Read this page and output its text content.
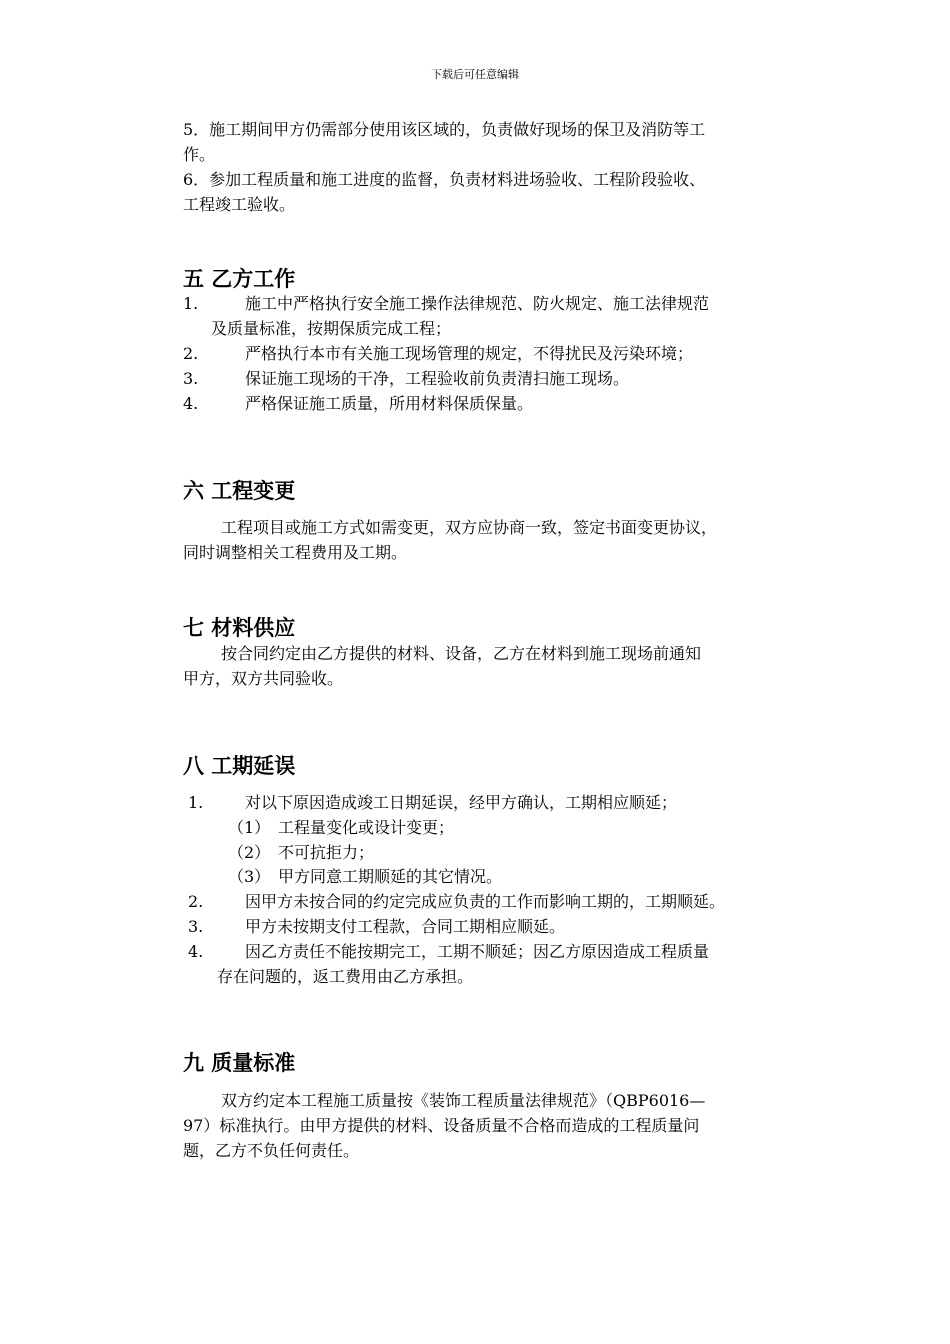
下载后可任意编辑
5．施工期间甲方仍需部分使用该区域的，负责做好现场的保卫及消防等工
作。
6．参加工程质量和施工进度的监督，负责材料进场验收、工程阶段验收、
工程竣工验收。
五 乙方工作
1.	施工中严格执行安全施工操作法律规范、防火规定、施工法律规范
及质量标准，按期保质完成工程；
2.	严格执行本市有关施工现场管理的规定，不得扰民及污染环境；
3.	保证施工现场的干净，工程验收前负责清扫施工现场。
4.	严格保证施工质量，所用材料保质保量。
六 工程变更
工程项目或施工方式如需变更，双方应协商一致，签定书面变更协议，
同时调整相关工程费用及工期。
七 材料供应
按合同约定由乙方提供的材料、设备，乙方在材料到施工现场前通知
甲方，双方共同验收。
八 工期延误
1.	对以下原因造成竣工日期延误，经甲方确认，工期相应顺延；
（1） 工程量变化或设计变更；
（2） 不可抗拒力；
（3） 甲方同意工期顺延的其它情况。
2.	因甲方未按合同的约定完成应负责的工作而影响工期的，工期顺延。
3.	甲方未按期支付工程款，合同工期相应顺延。
4.	因乙方责任不能按期完工，工期不顺延；因乙方原因造成工程质量
存在问题的，返工费用由乙方承担。
九 质量标准
双方约定本工程施工质量按《装饰工程质量法律规范》（QBP6016—
97）标准执行。由甲方提供的材料、设备质量不合格而造成的工程质量问
题，乙方不负任何责任。
